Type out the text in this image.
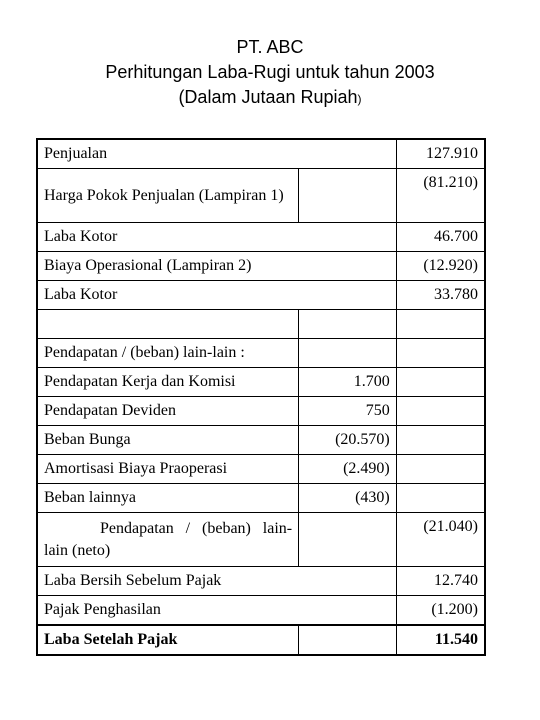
PT. ABC
Perhitungan Laba-Rugi untuk tahun 2003
(Dalam Jutaan Rupiah)
Penjualan		127.910
Harga Pokok Penjualan (Lampiran 1)		(81.210)
Laba Kotor		46.700
Biaya Operasional (Lampiran 2)		(12.920)
Laba Kotor		33.780

Pendapatan / (beban) lain-lain :		
Pendapatan Kerja dan Komisi	1.700	
Pendapatan Deviden	750	
Beban Bunga	(20.570)	
Amortisasi Biaya Praoperasi	(2.490)	
Beban lainnya	(430)	
Pendapatan / (beban) lain-lain (neto)		(21.040)
Laba Bersih Sebelum Pajak		12.740
Pajak Penghasilan		(1.200)
Laba Setelah Pajak		11.540
